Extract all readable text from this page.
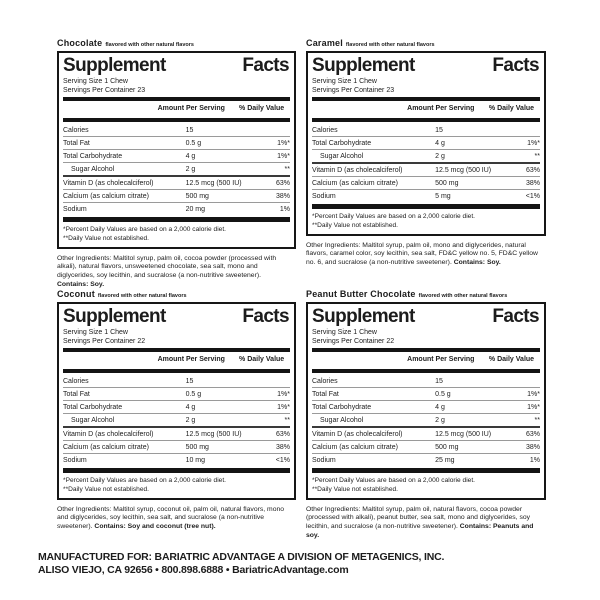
Chocolate flavored with other natural flavors
Supplement	Facts
Serving Size 1 Chew
Servings Per Container 23
Amount Per Serving	% Daily Value
Calories	15
Total Fat	0.5 g	1%*
Total Carbohydrate	4 g	1%*
Sugar Alcohol	2 g	**
Vitamin D (as cholecalciferol)	12.5 mcg (500 IU)	63%
Calcium (as calcium citrate)	500 mg	38%
Sodium	20 mg	1%
*Percent Daily Values are based on a 2,000 calorie diet.
**Daily Value not established.
Other Ingredients: Maltitol syrup, palm oil, cocoa powder (processed with alkali), natural flavors, unsweetened chocolate, sea salt, mono and diglycerides, soy lecithin, and sucralose (a non-nutritive sweetener). Contains: Soy.
Caramel flavored with other natural flavors
Supplement	Facts
Serving Size 1 Chew
Servings Per Container 23
Amount Per Serving	% Daily Value
Calories	15
Total Carbohydrate	4 g	1%*
Sugar Alcohol	2 g	**
Vitamin D (as cholecalciferol)	12.5 mcg (500 IU)	63%
Calcium (as calcium citrate)	500 mg	38%
Sodium	5 mg	<1%
*Percent Daily Values are based on a 2,000 calorie diet.
**Daily Value not established.
Other Ingredients: Maltitol syrup, palm oil, mono and diglycerides, natural flavors, caramel color, soy lecithin, sea salt, FD&C yellow no. 5, FD&C yellow no. 6, and sucralose (a non-nutritive sweetener). Contains: Soy.
Coconut flavored with other natural flavors
Supplement	Facts
Serving Size 1 Chew
Servings Per Container 22
Amount Per Serving	% Daily Value
Calories	15
Total Fat	0.5 g	1%*
Total Carbohydrate	4 g	1%*
Sugar Alcohol	2 g	**
Vitamin D (as cholecalciferol)	12.5 mcg (500 IU)	63%
Calcium (as calcium citrate)	500 mg	38%
Sodium	10 mg	<1%
*Percent Daily Values are based on a 2,000 calorie diet.
**Daily Value not established.
Other Ingredients: Maltitol syrup, coconut oil, palm oil, natural flavors, mono and diglycerides, soy lecithin, sea salt, and sucralose (a non-nutritive sweetener). Contains: Soy and coconut (tree nut).
Peanut Butter Chocolate flavored with other natural flavors
Supplement	Facts
Serving Size 1 Chew
Servings Per Container 22
Amount Per Serving	% Daily Value
Calories	15
Total Fat	0.5 g	1%*
Total Carbohydrate	4 g	1%*
Sugar Alcohol	2 g	**
Vitamin D (as cholecalciferol)	12.5 mcg (500 IU)	63%
Calcium (as calcium citrate)	500 mg	38%
Sodium	25 mg	1%
*Percent Daily Values are based on a 2,000 calorie diet.
**Daily Value not established.
Other Ingredients: Maltitol syrup, palm oil, natural flavors, cocoa powder (processed with alkali), peanut butter, sea salt, mono and diglycerides, soy lecithin, and sucralose (a non-nutritive sweetener). Contains: Peanuts and soy.
MANUFACTURED FOR: BARIATRIC ADVANTAGE A DIVISION OF METAGENICS, INC.
ALISO VIEJO, CA 92656 • 800.898.6888 • BariatricAdvantage.com
